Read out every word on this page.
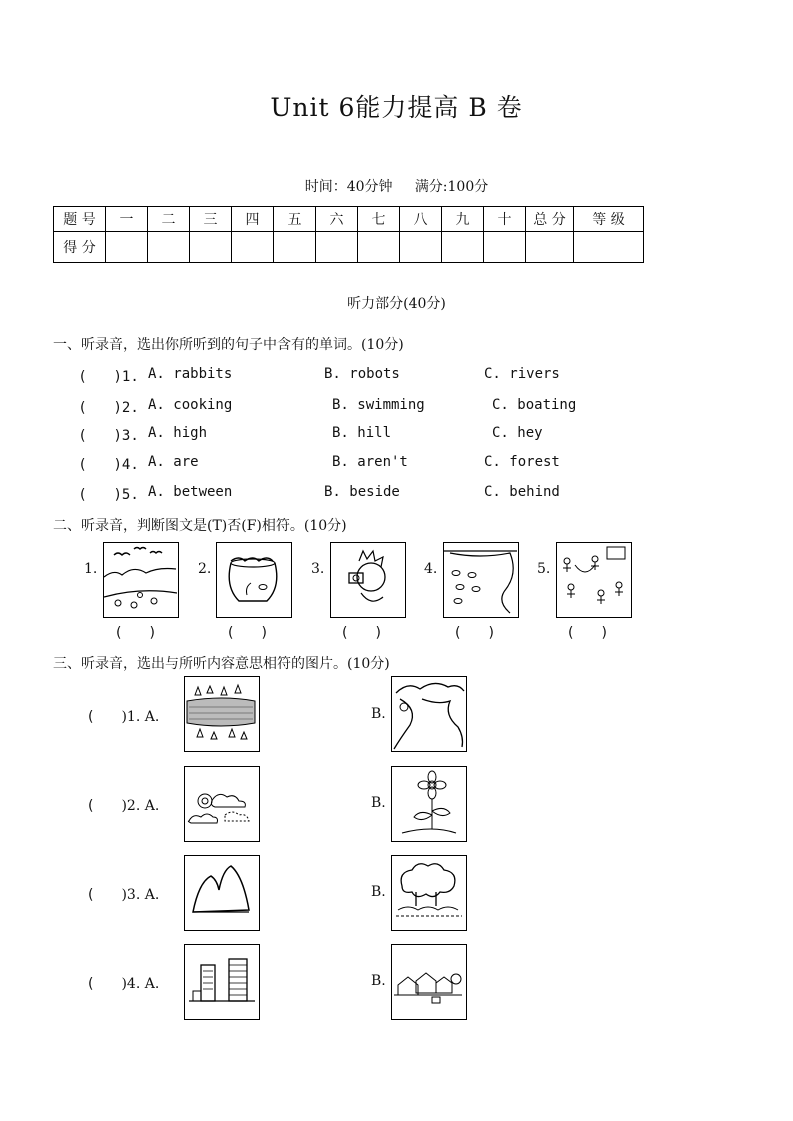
Unit 6能力提高 B 卷
时间：40分钟 满分:100分
题 号	一	二	三	四	五	六	七	八	九	十	总 分	等 级
得 分												
听力部分(40分)
一、听录音，选出你所听到的句子中含有的单词。(10分)
(　　)1. A. rabbits	B. robots	C. rivers
(　　)2. A. cooking	B. swimming	C. boating
(　　)3. A. high	B. hill	C. hey
(　　)4. A. are	B. aren't	C. forest
(　　)5. A. between	B. beside	C. behind
二、听录音，判断图文是(T)否(F)相符。(10分)
1.	2.	3.	4.	5.
(　　)	(　　)	(　　)	(　　)	(　　)
三、听录音，选出与所听内容意思相符的图片。(10分)
(　　)1. A.	B.
(　　)2. A.	B.
(　　)3. A.	B.
(　　)4. A.	B.
